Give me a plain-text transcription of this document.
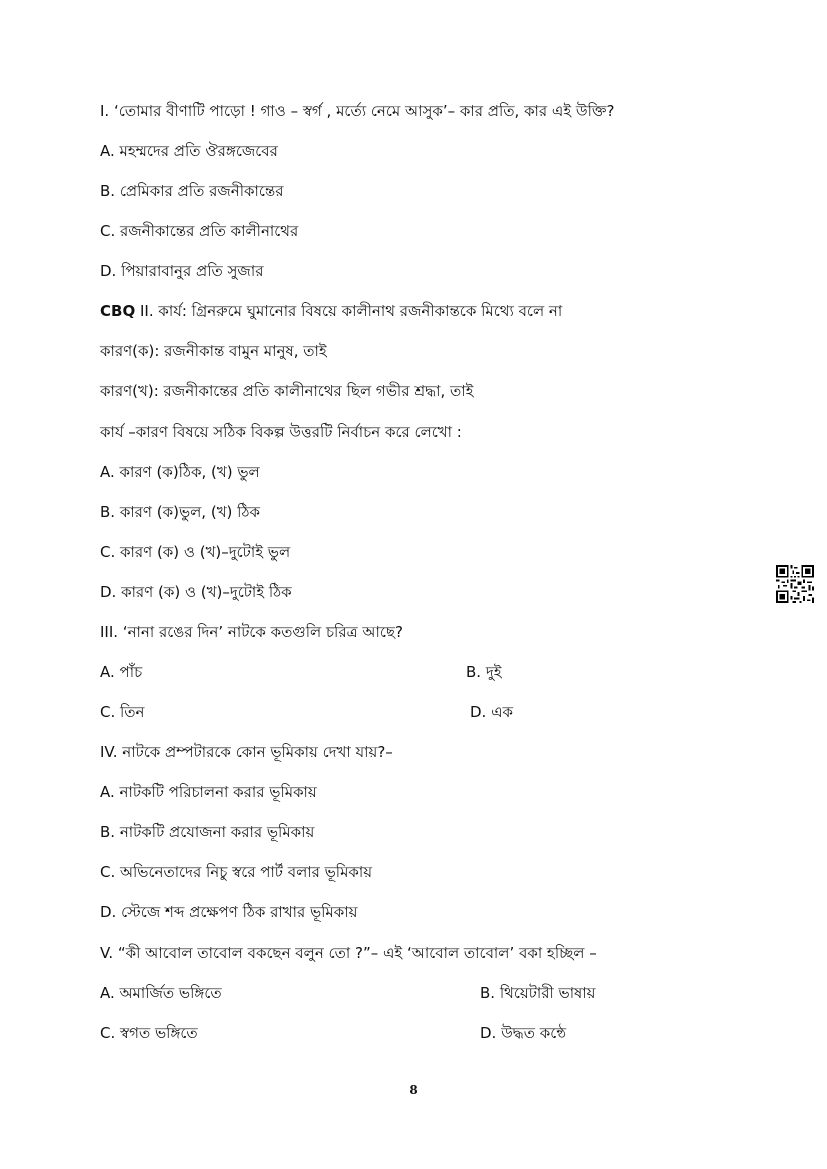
I. ‘তোমার বীণাটি পাড়ো ! গাও – স্বর্গ , মর্ত্যে নেমে আসুক’– কার প্রতি, কার এই উক্তি?
A. মহম্মদের প্রতি ঔরঙ্গজেবের
B. প্রেমিকার প্রতি রজনীকান্তের
C. রজনীকান্তের প্রতি কালীনাথের
D. পিয়ারাবানুর প্রতি সুজার
CBQ II. কার্য: গ্রিনরুমে ঘুমানোর বিষয়ে কালীনাথ রজনীকান্তকে মিথ্যে বলে না
কারণ(ক): রজনীকান্ত বামুন মানুষ, তাই
কারণ(খ): রজনীকান্তের প্রতি কালীনাথের ছিল গভীর শ্রদ্ধা, তাই
কার্য –কারণ বিষয়ে সঠিক বিকল্প উত্তরটি নির্বাচন করে লেখো :
A. কারণ (ক)ঠিক, (খ) ভুল
B. কারণ (ক)ভুল, (খ) ঠিক
C. কারণ (ক) ও (খ)–দুটোই ভুল
D. কারণ (ক) ও (খ)–দুটোই ঠিক
III. ‘নানা রঙের দিন’ নাটকে কতগুলি চরিত্র আছে?
A. পাঁচ	B. দুই
C. তিন	D. এক
IV. নাটকে প্রম্পটারকে কোন ভূমিকায় দেখা যায়?–
A. নাটকটি পরিচালনা করার ভূমিকায়
B. নাটকটি প্রযোজনা করার ভূমিকায়
C. অভিনেতাদের নিচু স্বরে পার্ট বলার ভূমিকায়
D. স্টেজে শব্দ প্রক্ষেপণ ঠিক রাখার ভূমিকায়
V. “কী আবোল তাবোল বকছেন বলুন তো ?”– এই ‘আবোল তাবোল’ বকা হচ্ছিল –
A. অমার্জিত ভঙ্গিতে	B. থিয়েটারী ভাষায়
C. স্বগত ভঙ্গিতে	D. উদ্ধত কন্ঠে
8
